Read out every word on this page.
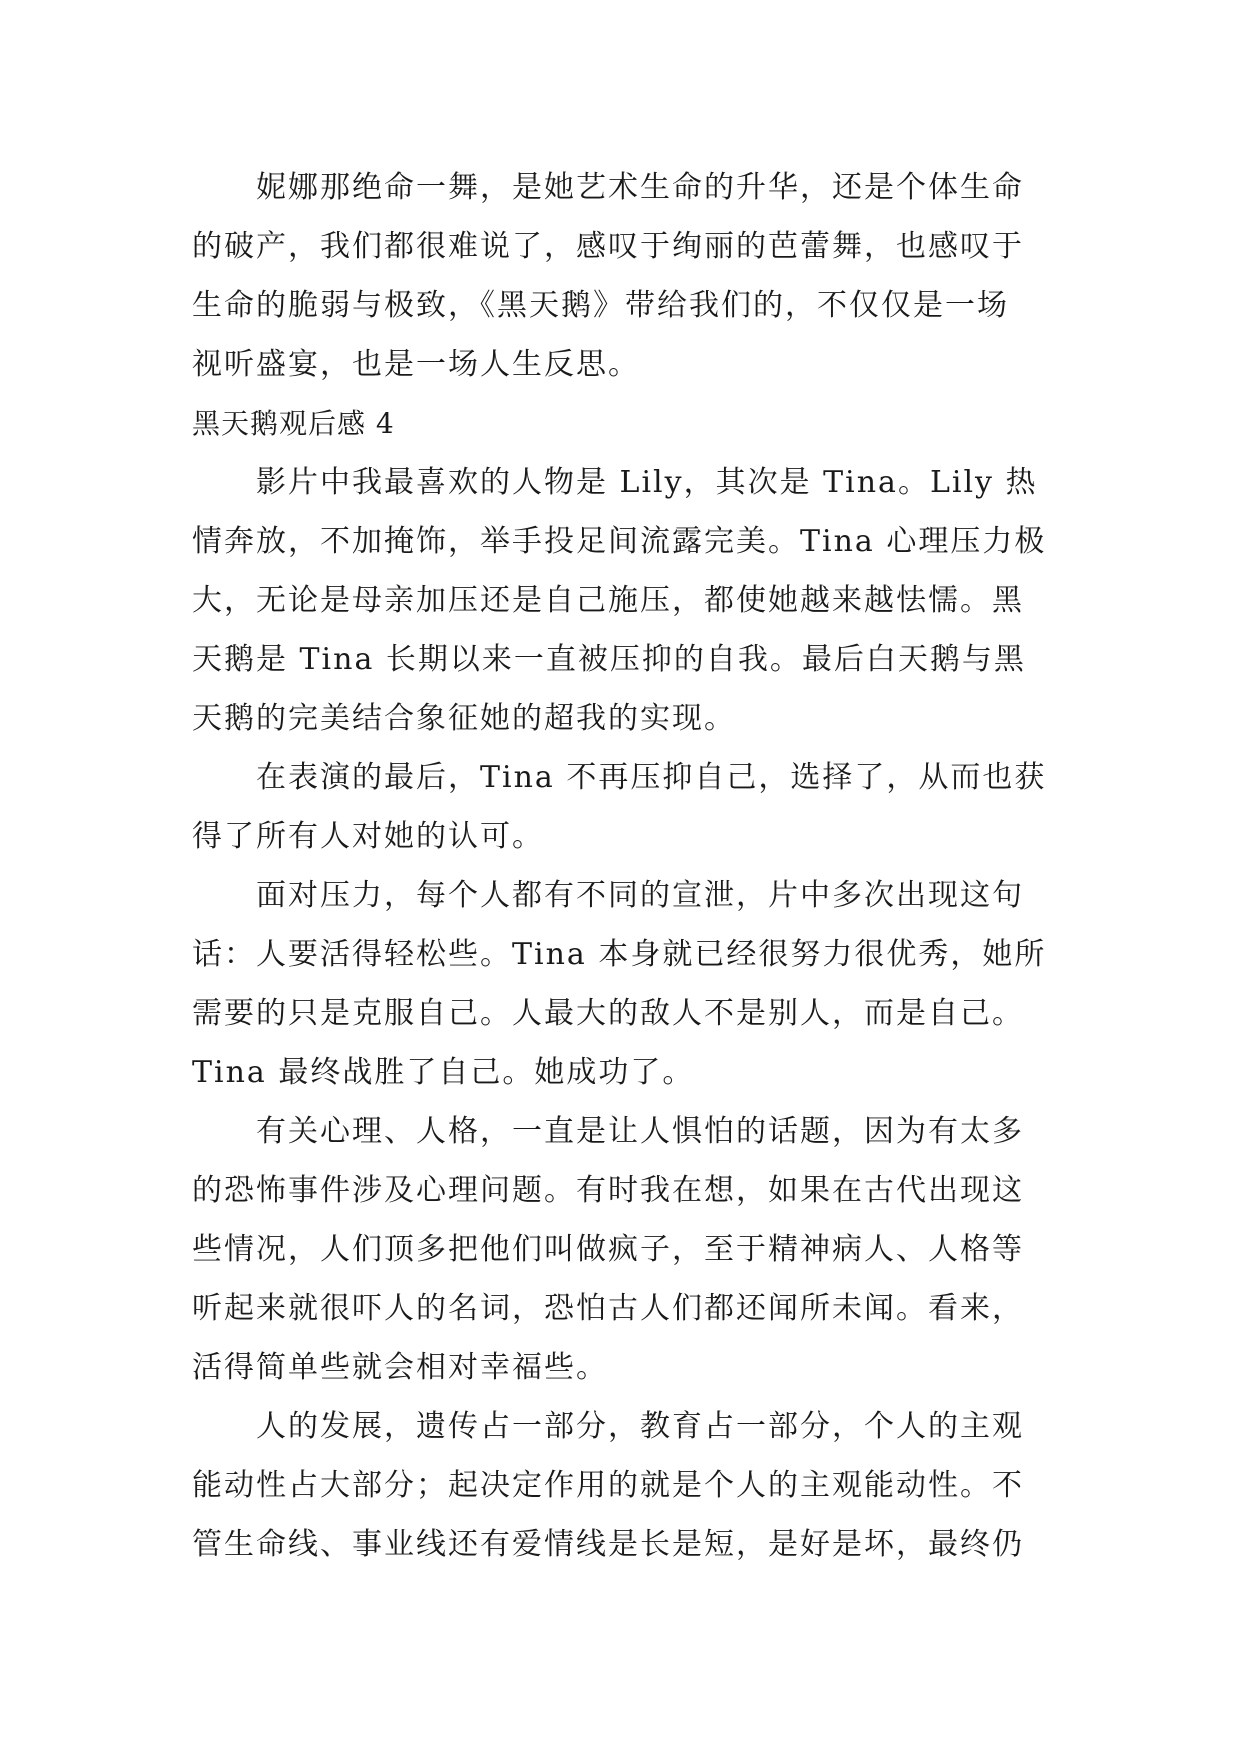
妮娜那绝命一舞，是她艺术生命的升华，还是个体生命
的破产，我们都很难说了，感叹于绚丽的芭蕾舞，也感叹于
生命的脆弱与极致，《黑天鹅》带给我们的，不仅仅是一场
视听盛宴，也是一场人生反思。
黑天鹅观后感 4
影片中我最喜欢的人物是 Lily，其次是 Tina。Lily 热
情奔放，不加掩饰，举手投足间流露完美。Tina 心理压力极
大，无论是母亲加压还是自己施压，都使她越来越怯懦。黑
天鹅是 Tina 长期以来一直被压抑的自我。最后白天鹅与黑
天鹅的完美结合象征她的超我的实现。
在表演的最后，Tina 不再压抑自己，选择了，从而也获
得了所有人对她的认可。
面对压力，每个人都有不同的宣泄，片中多次出现这句
话：人要活得轻松些。Tina 本身就已经很努力很优秀，她所
需要的只是克服自己。人最大的敌人不是别人，而是自己。
Tina 最终战胜了自己。她成功了。
有关心理、人格，一直是让人惧怕的话题，因为有太多
的恐怖事件涉及心理问题。有时我在想，如果在古代出现这
些情况，人们顶多把他们叫做疯子，至于精神病人、人格等
听起来就很吓人的名词，恐怕古人们都还闻所未闻。看来，
活得简单些就会相对幸福些。
人的发展，遗传占一部分，教育占一部分，个人的主观
能动性占大部分；起决定作用的就是个人的主观能动性。不
管生命线、事业线还有爱情线是长是短，是好是坏，最终仍
